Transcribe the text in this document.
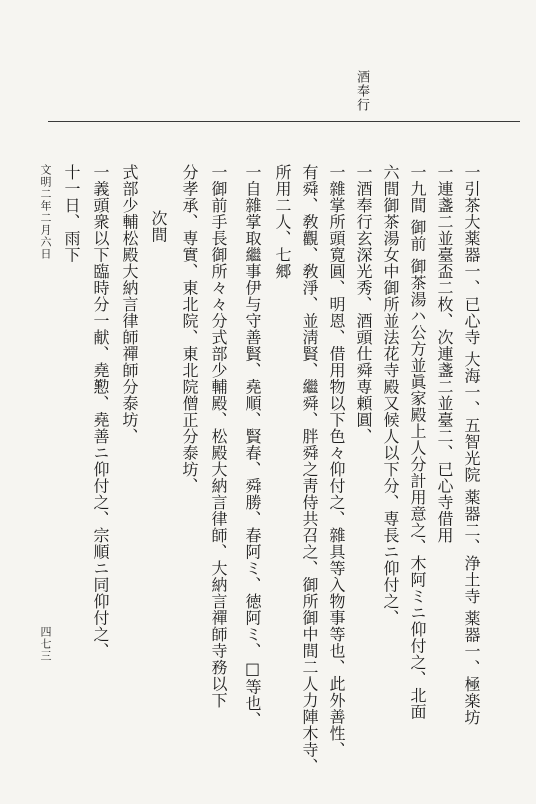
酒奉行
一引茶大薬器一、已心寺 大海一、五智光院 薬器二、浄土寺 薬器一、極楽坊
一連盞二並臺盃二枚、次連盞二並臺二、已心寺借用
一九間 御前 御茶湯ハ公方並眞家殿上人分計用意之、木阿ミニ仰付之、北面
六間御茶湯女中御所並法花寺殿又候人以下分、専長ニ仰付之、
一酒奉行玄深光秀、酒頭仕舜専頼圓、
一雜掌所頭寛圓、明恩、借用物以下色々仰付之、雜具等入物事等也、此外善性、
有舜、敎觀、敎淨、並淸賢、繼舜、胖舜之靑侍共召之、御所御中間二人力陣木寺、
所用二人、七郷
一自雜掌取繼事伊与守善賢、堯順、賢春、舜勝、春阿ミ、徳阿ミ、□等也、
一御前手長御所々々分式部少輔殿、松殿大納言律師、大納言禪師寺務以下
分孝承、専實、東北院、東北院僧正分泰坊、
次間
式部少輔松殿大納言律師禪師分泰坊、
一義頭衆以下臨時分一献、堯懃、堯善ニ仰付之、宗順ニ同仰付之、
十一日、雨下
文明二年二月六日
四七三
